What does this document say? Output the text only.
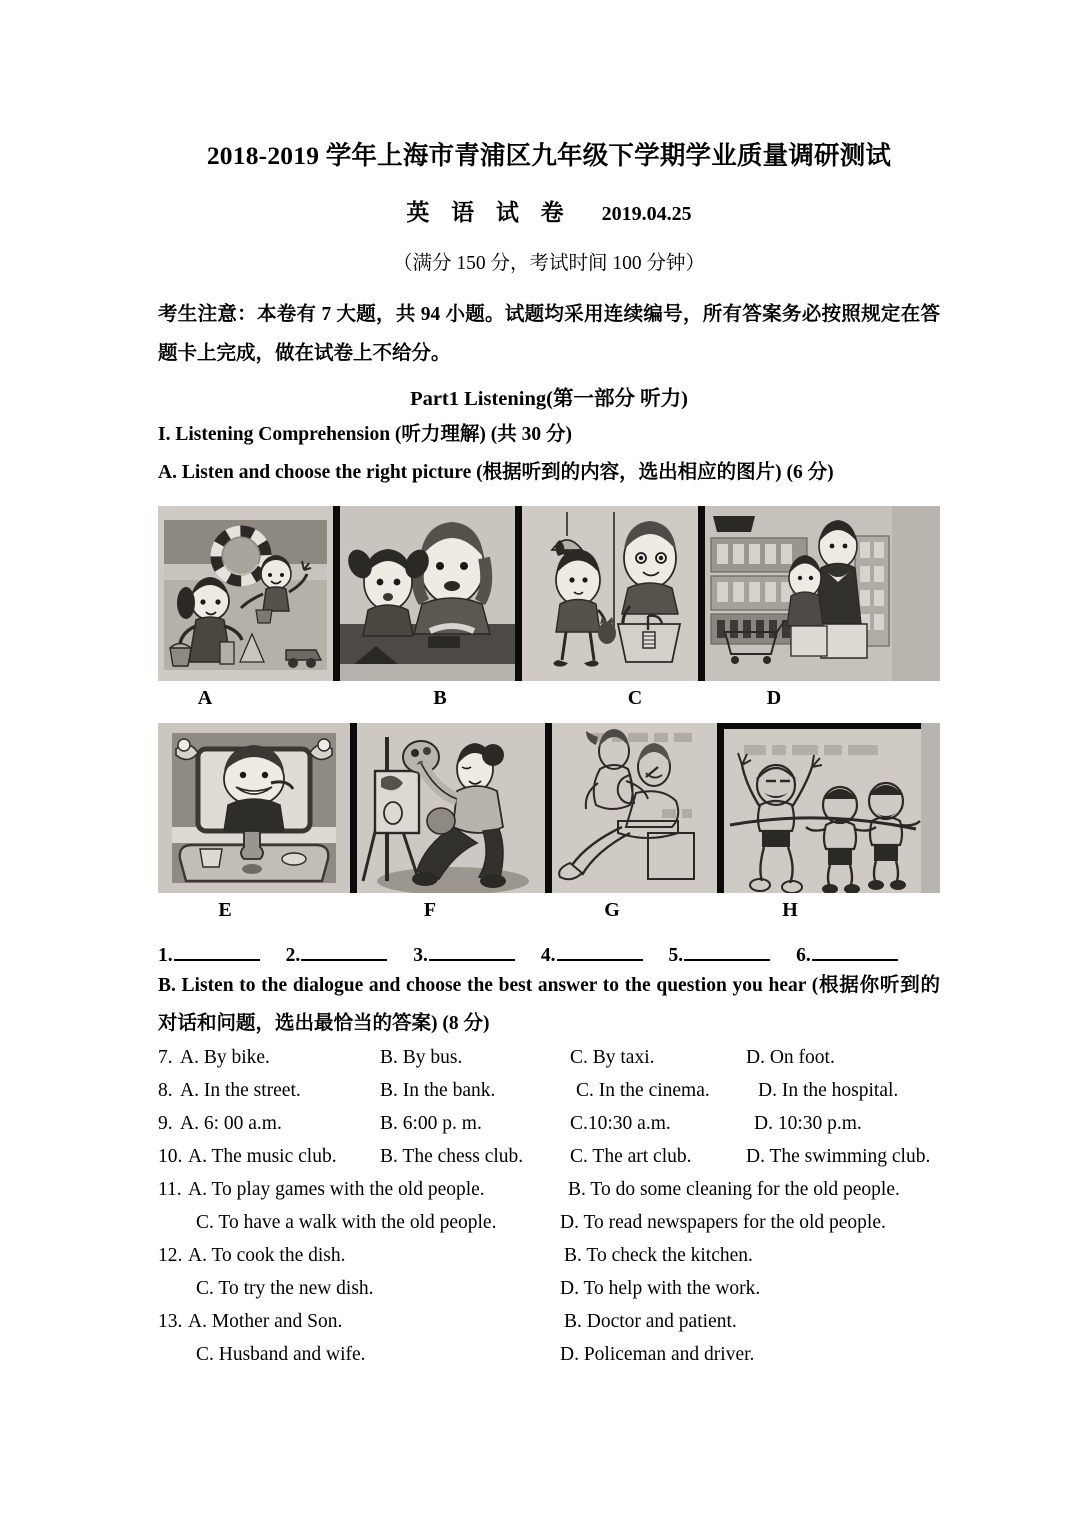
2018-2019 学年上海市青浦区九年级下学期学业质量调研测试
英 语 试 卷 2019.04.25
（满分 150 分，考试时间 100 分钟）
考生注意：本卷有 7 大题，共 94 小题。试题均采用连续编号，所有答案务必按照规定在答题卡上完成，做在试卷上不给分。
Part1 Listening(第一部分 听力)
I. Listening Comprehension (听力理解) (共 30 分)
A. Listen and choose the right picture (根据听到的内容，选出相应的图片) (6 分)
A	B	C	D
E	F	G	H
1.	2.	3.	4.	5.	6.
B. Listen to the dialogue and choose the best answer to the question you hear (根据你听到的对话和问题，选出最恰当的答案) (8 分)
7. A. By bike.	B. By bus.	C. By taxi.	D. On foot.
8. A. In the street.	B. In the bank.	C. In the cinema. D. In the hospital.
9. A. 6: 00 a.m.	B. 6:00 p. m.	C.10:30 a.m.	D. 10:30 p.m.
10. A. The music club. B. The chess club. C. The art club.	D. The swimming club.
11. A. To play games with the old people.	B. To do some cleaning for the old people.
C. To have a walk with the old people.	D. To read newspapers for the old people.
12. A. To cook the dish.	B. To check the kitchen.
C. To try the new dish.	D. To help with the work.
13. A. Mother and Son.	B. Doctor and patient.
C. Husband and wife.	D. Policeman and driver.
